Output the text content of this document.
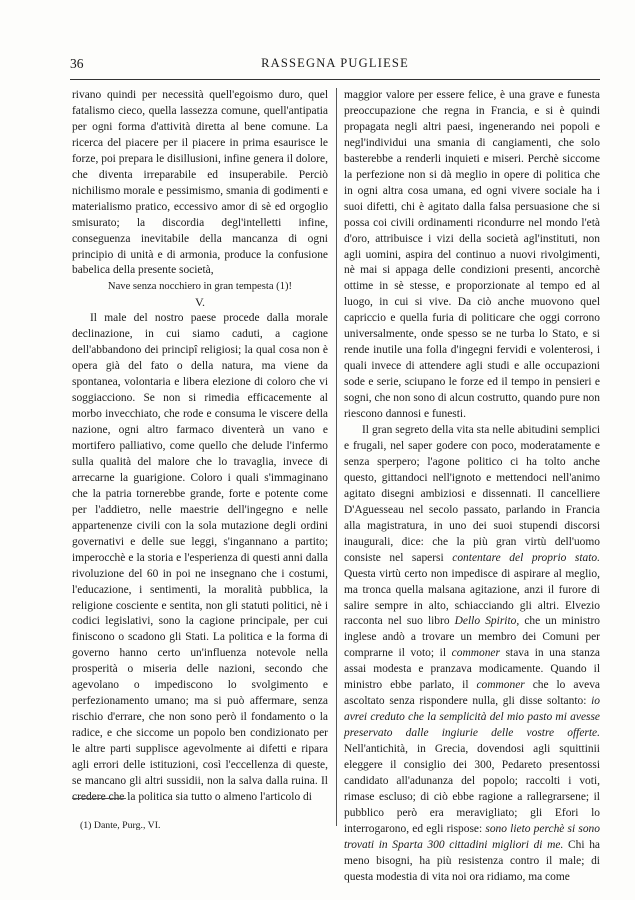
36	RASSEGNA PUGLIESE

rivano quindi per necessità quell'egoismo duro, quel fatalismo cieco, quella lassezza comune, quell'antipatia per ogni forma d'attività diretta al bene comune. La ricerca del piacere per il piacere in prima esaurisce le forze, poi prepara le disillusioni, infine genera il dolore, che diventa irreparabile ed insuperabile. Perciò nichilismo morale e pessimismo, smania di godimenti e materialismo pratico, eccessivo amor di sè ed orgoglio smisurato; la discordia degl'intelletti infine, conseguenza inevitabile della mancanza di ogni principio di unità e di armonia, produce la confusione babelica della presente società,

Nave senza nocchiero in gran tempesta (1)!

V.

Il male del nostro paese procede dalla morale declinazione, in cui siamo caduti, a cagione dell'abbandono dei principî religiosi; la qual cosa non è opera già del fato o della natura, ma viene da spontanea, volontaria e libera elezione di coloro che vi soggiacciono. Se non si rimedia efficacemente al morbo invecchiato, che rode e consuma le viscere della nazione, ogni altro farmaco diventerà un vano e mortifero palliativo, come quello che delude l'infermo sulla qualità del malore che lo travaglia, invece di arrecarne la guarigione. Coloro i quali s'immaginano che la patria tornerebbe grande, forte e potente come per l'addietro, nelle maestrie dell'ingegno e nelle appartenenze civili con la sola mutazione degli ordini governativi e delle sue leggi, s'ingannano a partito; imperocchè e la storia e l'esperienza di questi anni dalla rivoluzione del 60 in poi ne insegnano che i costumi, l'educazione, i sentimenti, la moralità pubblica, la religione cosciente e sentita, non gli statuti politici, nè i codici legislativi, sono la cagione principale, per cui finiscono o scadono gli Stati. La politica e la forma di governo hanno certo un'influenza notevole nella prosperità o miseria delle nazioni, secondo che agevolano o impediscono lo svolgimento e perfezionamento umano; ma si può affermare, senza rischio d'errare, che non sono però il fondamento o la radice, e che siccome un popolo ben condizionato per le altre parti supplisce agevolmente ai difetti e ripara agli errori delle istituzioni, così l'eccellenza di queste, se mancano gli altri sussidii, non la salva dalla ruina. Il credere che la politica sia tutto o almeno l'articolo di

maggior valore per essere felice, è una grave e funesta preoccupazione che regna in Francia, e si è quindi propagata negli altri paesi, ingenerando nei popoli e negl'individui una smania di cangiamenti, che solo basterebbe a renderli inquieti e miseri. Perchè siccome la perfezione non si dà meglio in opere di politica che in ogni altra cosa umana, ed ogni vivere sociale ha i suoi difetti, chi è agitato dalla falsa persuasione che si possa coi civili ordinamenti ricondurre nel mondo l'età d'oro, attribuisce i vizi della società agl'instituti, non agli uomini, aspira del continuo a nuovi rivolgimenti, nè mai si appaga delle condizioni presenti, ancorchè ottime in sè stesse, e proporzionate al tempo ed al luogo, in cui si vive. Da ciò anche muovono quel capriccio e quella furia di politicare che oggi corrono universalmente, onde spesso se ne turba lo Stato, e si rende inutile una folla d'ingegni fervidi e volenterosi, i quali invece di attendere agli studi e alle occupazioni sode e serie, sciupano le forze ed il tempo in pensieri e sogni, che non sono di alcun costrutto, quando pure non riescono dannosi e funesti.

Il gran segreto della vita sta nelle abitudini semplici e frugali, nel saper godere con poco, moderatamente e senza sperpero; l'agone politico ci ha tolto anche questo, gittandoci nell'ignoto e mettendoci nell'animo agitato disegni ambiziosi e dissennati. Il cancelliere D'Aguesseau nel secolo passato, parlando in Francia alla magistratura, in uno dei suoi stupendi discorsi inaugurali, dice: che la più gran virtù dell'uomo consiste nel sapersi contentare del proprio stato. Questa virtù certo non impedisce di aspirare al meglio, ma tronca quella malsana agitazione, anzi il furore di salire sempre in alto, schiacciando gli altri. Elvezio racconta nel suo libro Dello Spirito, che un ministro inglese andò a trovare un membro dei Comuni per comprarne il voto; il commoner stava in una stanza assai modesta e pranzava modicamente. Quando il ministro ebbe parlato, il commoner che lo aveva ascoltato senza rispondere nulla, gli disse soltanto: io avrei creduto che la semplicità del mio pasto mi avesse preservato dalle ingiurie delle vostre offerte. Nell'antichità, in Grecia, dovendosi agli squittinii eleggere il consiglio dei 300, Pedareto presentossi candidato all'adunanza del popolo; raccolti i voti, rimase escluso; di ciò ebbe ragione a rallegrarsene; il pubblico però era meravigliato; gli Efori lo interrogarono, ed egli rispose: sono lieto perchè si sono trovati in Sparta 300 cittadini migliori di me. Chi ha meno bisogni, ha più resistenza contro il male; di questa modestia di vita noi ora ridiamo, ma come

(1) Dante, Purg., VI.
